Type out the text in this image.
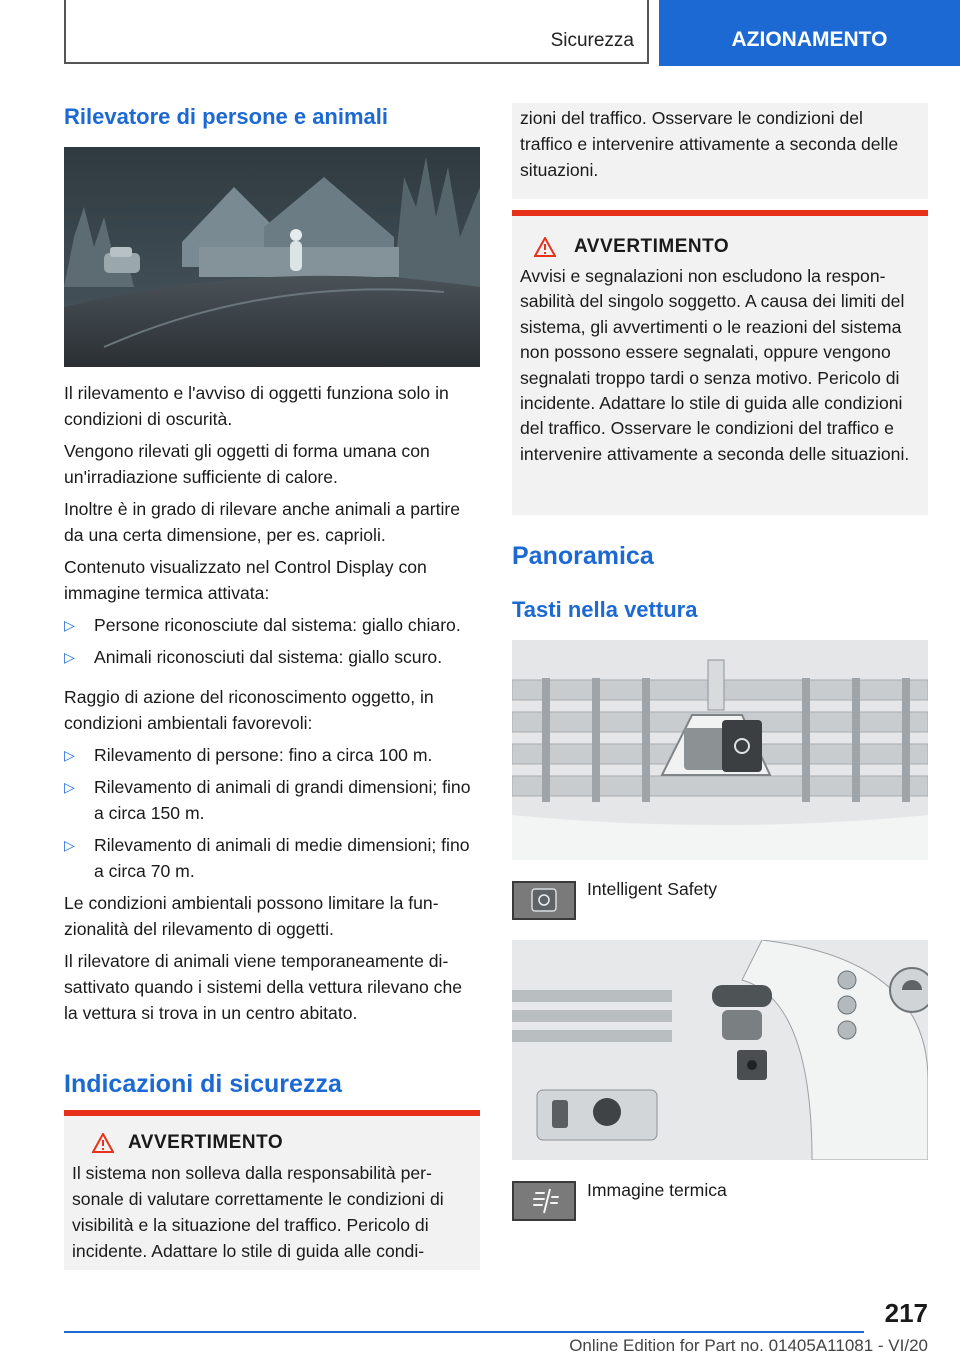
Sicurezza	AZIONAMENTO
Rilevatore di persone e animali

Il rilevamento e l'avviso di oggetti funziona solo in condizioni di oscurità.

Vengono rilevati gli oggetti di forma umana con un'irradiazione sufficiente di calore.

Inoltre è in grado di rilevare anche animali a partire da una certa dimensione, per es. caprioli.

Contenuto visualizzato nel Control Display con immagine termica attivata:

▷ Persone riconosciute dal sistema: giallo chiaro.
▷ Animali riconosciuti dal sistema: giallo scuro.

Raggio di azione del riconoscimento oggetto, in condizioni ambientali favorevoli:

▷ Rilevamento di persone: fino a circa 100 m.
▷ Rilevamento di animali di grandi dimensioni; fino a circa 150 m.
▷ Rilevamento di animali di medie dimensioni; fino a circa 70 m.

Le condizioni ambientali possono limitare la funzionalità del rilevamento di oggetti.

Il rilevatore di animali viene temporaneamente disattivato quando i sistemi della vettura rilevano che la vettura si trova in un centro abitato.

Indicazioni di sicurezza
AVVERTIMENTO
Il sistema non solleva dalla responsabilità personale di valutare correttamente le condizioni di visibilità e la situazione del traffico. Pericolo di incidente. Adattare lo stile di guida alle condi-
zioni del traffico. Osservare le condizioni del traffico e intervenire attivamente a seconda delle situazioni.
AVVERTIMENTO
Avvisi e segnalazioni non escludono la responsabilità del singolo soggetto. A causa dei limiti del sistema, gli avvertimenti o le reazioni del sistema non possono essere segnalati, oppure vengono segnalati troppo tardi o senza motivo. Pericolo di incidente. Adattare lo stile di guida alle condizioni del traffico. Osservare le condizioni del traffico e intervenire attivamente a seconda delle situazioni.
Panoramica
Tasti nella vettura
Intelligent Safety
Immagine termica
217
Online Edition for Part no. 01405A11081 - VI/20
